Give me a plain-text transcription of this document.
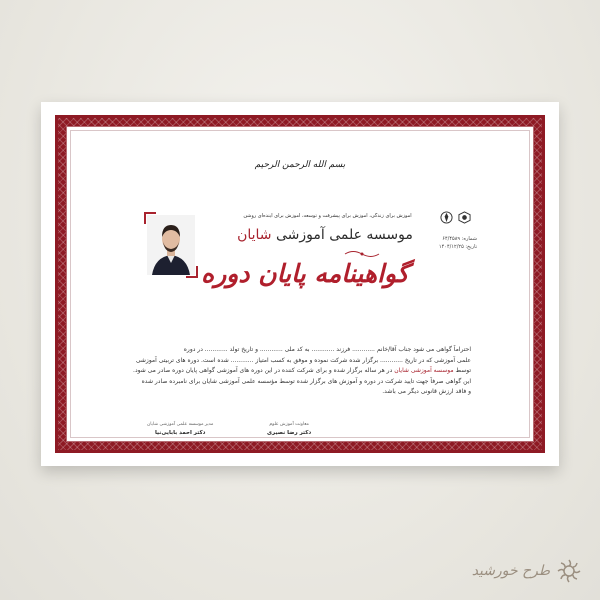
بسم الله الرحمن الرحیم
شماره: ۶۴/۴۵۸۹
تاریخ: ۱۴۰۴/۱۲/۲۵
آموزش برای زندگی، آموزش برای پیشرفت و توسعه، آموزش برای آینده‌ای روشن
موسسه علمی آموزشی شایان
گواهینامه پایان دوره

احتراماً گواهی می شود جناب آقا/خانم ............ فرزند ............ به کد ملی ............ و تاریخ تولد ............ در دوره

علمی آموزشی که در تاریخ ............ برگزار شده شرکت نموده و موفق به کسب امتیاز ............ شده است. دوره های تربیتی آموزشی

توسط موسسه آموزشی شایان در هر ساله برگزار شده و برای شرکت کننده در این دوره های آموزشی گواهی پایان دوره صادر می شود.

این گواهی صرفاً جهت تایید شرکت در دوره و آموزش های برگزار شده توسط مؤسسه علمی آموزشی شایان برای نامبرده صادر شده

و فاقد ارزش قانونی دیگر می باشد.

معاونت آموزش علوم
دکتر رضا نصیری
مدیر موسسه علمی آموزشی شایان
دکتر احمد بابایی‌نیا
طرح خورشید
